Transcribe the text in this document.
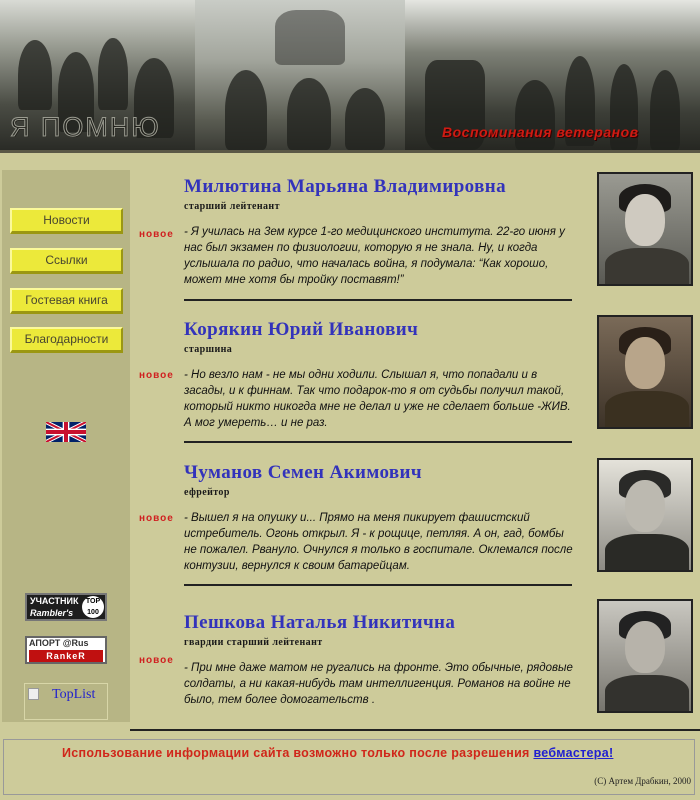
Я ПОМНЮ	Воспоминания ветеранов
Новости
Ссылки
Гостевая книга
Благодарности
УЧАСТНИК
Rambler's
TOP 100
АПОРТ @Rus
RankeR
TopList
Милютина Марьяна Владимировна
старший лейтенант
новое - Я училась на 3ем курсе 1-го медицинского института. 22-го июня у нас был экзамен по физиологии, которую я не знала. Ну, и когда услышала по радио, что началась война, я подумала: “Как хорошо, может мне хотя бы тройку поставят!”
Корякин Юрий Иванович
старшина
новое - Но везло нам - не мы одни ходили. Слышал я, что попадали и в засады, и к финнам. Так что подарок-то я от судьбы получил такой, который никто никогда мне не делал и уже не сделает больше -ЖИВ. А мог умереть… и не раз.
Чуманов Семен Акимович
ефрейтор
новое - Вышел я на опушку и... Прямо на меня пикирует фашистский истребитель. Огонь открыл. Я - к рощице, петляя. А он, гад, бомбы не пожалел. Рвануло. Очнулся я только в госпитале. Оклемался после контузии, вернулся к своим батарейцам.
Пешкова Наталья Никитична
гвардии старший лейтенант
новое
- При мне даже матом не ругались на фронте. Это обычные, рядовые солдаты, а ни какая-нибудь там интеллигенция. Романов на войне не было, тем более домогательств .
Использование информации сайта возможно только после разрешения вебмастера!
(C) Артем Драбкин, 2000
